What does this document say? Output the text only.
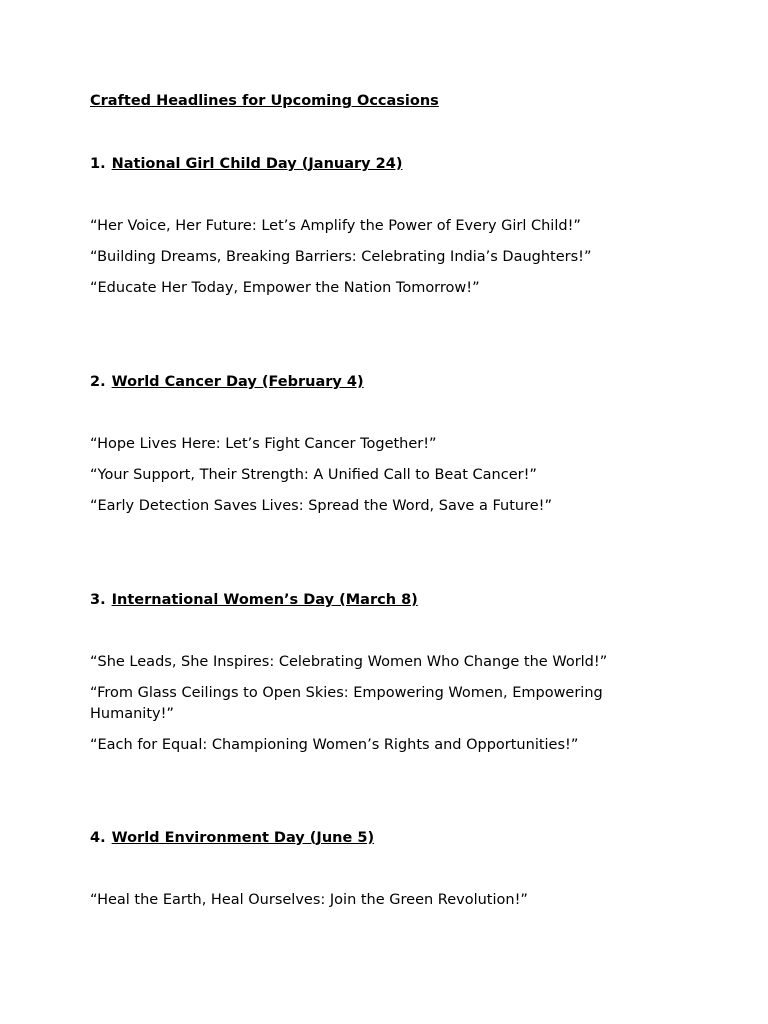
Crafted Headlines for Upcoming Occasions

1. National Girl Child Day (January 24)

“Her Voice, Her Future: Let’s Amplify the Power of Every Girl Child!”
“Building Dreams, Breaking Barriers: Celebrating India’s Daughters!”
“Educate Her Today, Empower the Nation Tomorrow!”

2. World Cancer Day (February 4)

“Hope Lives Here: Let’s Fight Cancer Together!”
“Your Support, Their Strength: A Unified Call to Beat Cancer!”
“Early Detection Saves Lives: Spread the Word, Save a Future!”

3. International Women’s Day (March 8)

“She Leads, She Inspires: Celebrating Women Who Change the World!”
“From Glass Ceilings to Open Skies: Empowering Women, Empowering Humanity!”
“Each for Equal: Championing Women’s Rights and Opportunities!”

4. World Environment Day (June 5)

“Heal the Earth, Heal Ourselves: Join the Green Revolution!”
